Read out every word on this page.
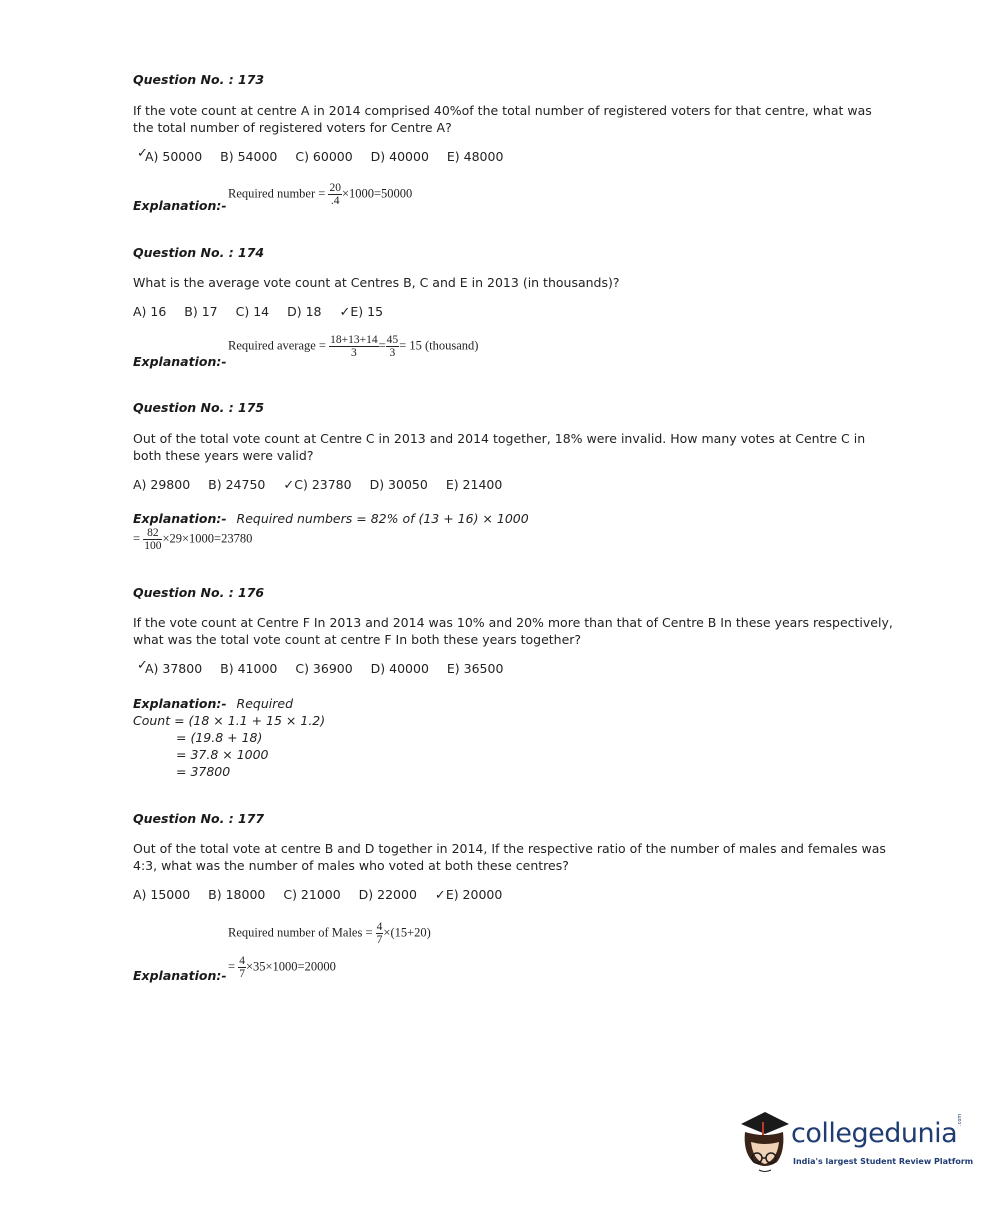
Question No. : 173
If the vote count at centre A in 2014 comprised 40%of the total number of registered voters for that centre, what was the total number of registered voters for Centre A?
✓
A) 50000 B) 54000 C) 60000 D) 40000 E) 48000
Required number = $\frac{20}{.4} \times 1000=50000$
Explanation:-
Question No. : 174
What is the average vote count at Centres B, C and E in 2013 (in thousands)?
A) 16 B) 17 C) 14 D) 18 ✓E) 15
Required average = $\frac{18+13+14}{3} = \frac{45}{3} = 15$ (thousand)
Explanation:-
Question No. : 175
Out of the total vote count at Centre C in 2013 and 2014 together, 18% were invalid. How many votes at Centre C in both these years were valid?
A) 29800 B) 24750 ✓C) 23780 D) 30050 E) 21400
Explanation:- Required numbers = 82% of (13 + 16) × 1000
= $\frac{82}{100} \times 29\times 1000=23780$
Question No. : 176
If the vote count at Centre F In 2013 and 2014 was 10% and 20% more than that of Centre B In these years respectively, what was the total vote count at centre F In both these years together?
✓
A) 37800 B) 41000 C) 36900 D) 40000 E) 36500
Explanation:- Required
Count = (18 × 1.1 + 15 × 1.2)
= (19.8 + 18)
= 37.8 × 1000
= 37800
Question No. : 177
Out of the total vote at centre B and D together in 2014, If the respective ratio of the number of males and females was 4:3, what was the number of males who voted at both these centres?
A) 15000 B) 18000 C) 21000 D) 22000 ✓E) 20000
Required number of Males = $\frac{4}{7} \times(15+20)$
= $\frac{4}{7} \times 35\times 1000=20000$
Explanation:-
collegedunia .com
India's largest Student Review Platform
